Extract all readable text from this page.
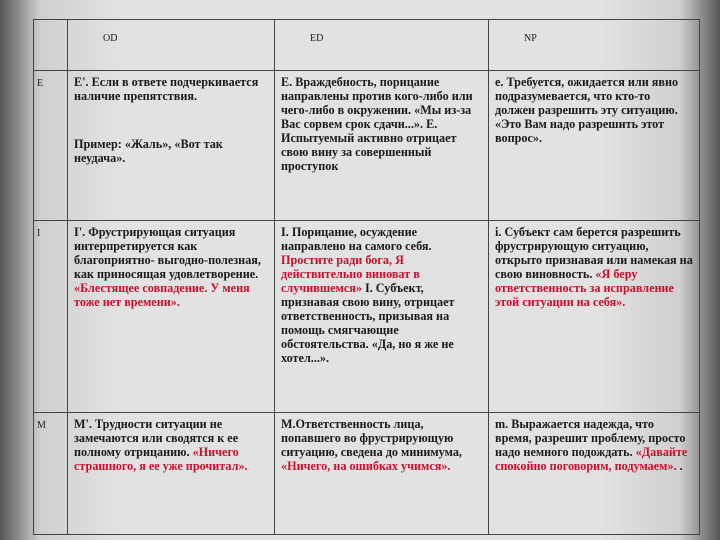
	OD	ED	NP
E	E'. Если в ответе подчеркивается наличие препятствия.

Пример: «Жаль», «Вот так неудача».	E. Враждебность, порицание направлены против кого-либо или чего-либо в окружении. «Мы из-за Вас сорвем срок сдачи...». E. Испытуемый активно отрицает свою вину за совершенный проступок	e. Требуется, ожидается или явно подразумевается, что кто-то должен разрешить эту ситуацию. «Это Вам надо разрешить этот вопрос».
I	I'. Фрустрирующая ситуация интерпретируется как благоприятно- выгодно-полезная, как приносящая удовлетворение. «Блестящее совпадение. У меня тоже нет времени».	I. Порицание, осуждение направлено на самого себя. Простите ради бога, Я действительно виноват в случившемся» I. Субъект, признавая свою вину, отрицает ответственность, призывая на помощь смягчающие обстоятельства. «Да, но я же не хотел...».	i. Субъект сам берется разрешить фрустрирующую ситуацию, открыто признавая или намекая на свою виновность. «Я беру ответственность за исправление этой ситуации на себя».
M	M'. Трудности ситуации не замечаются или сводятся к ее полному отрицанию. «Ничего страшного, я ее уже прочитал».	M.Ответственность лица, попавшего во фрустрирующую ситуацию, сведена до минимума, «Ничего, на ошибках учимся».	m. Выражается надежда, что время, разрешит проблему, просто надо немного подождать. «Давайте спокойно поговорим, подумаем». .
